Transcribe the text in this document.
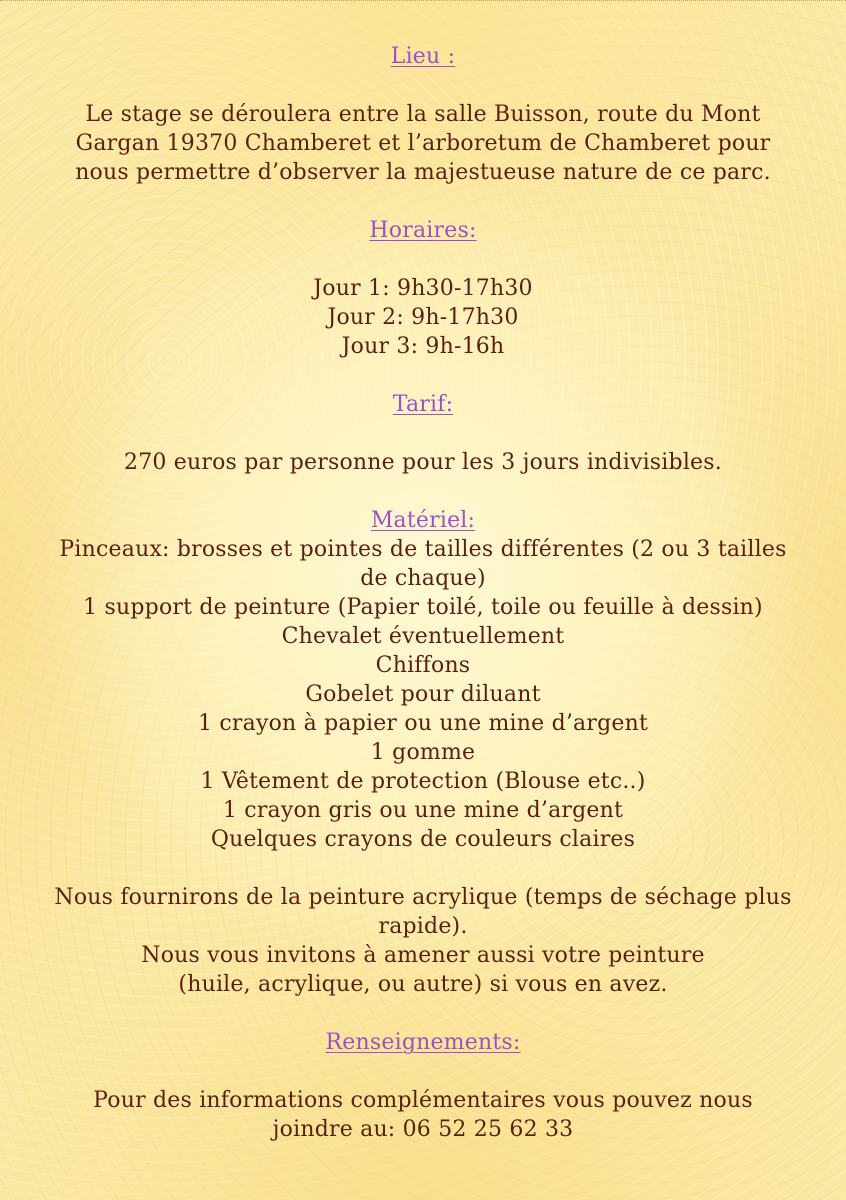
Lieu :
Le stage se déroulera entre la salle Buisson, route du Mont
Gargan 19370 Chamberet et l’arboretum de Chamberet pour
nous permettre d’observer la majestueuse nature de ce parc.
Horaires:
Jour 1: 9h30-17h30
Jour 2: 9h-17h30
Jour 3: 9h-16h
Tarif:
270 euros par personne pour les 3 jours indivisibles.
Matériel:
Pinceaux: brosses et pointes de tailles différentes (2 ou 3 tailles
de chaque)
1 support de peinture (Papier toilé, toile ou feuille à dessin)
Chevalet éventuellement
Chiffons
Gobelet pour diluant
1 crayon à papier ou une mine d’argent
1 gomme
1 Vêtement de protection (Blouse etc..)
1 crayon gris ou une mine d’argent
Quelques crayons de couleurs claires
Nous fournirons de la peinture acrylique (temps de séchage plus
rapide).
Nous vous invitons à amener aussi votre peinture
(huile, acrylique, ou autre) si vous en avez.
Renseignements:
Pour des informations complémentaires vous pouvez nous
joindre au: 06 52 25 62 33
